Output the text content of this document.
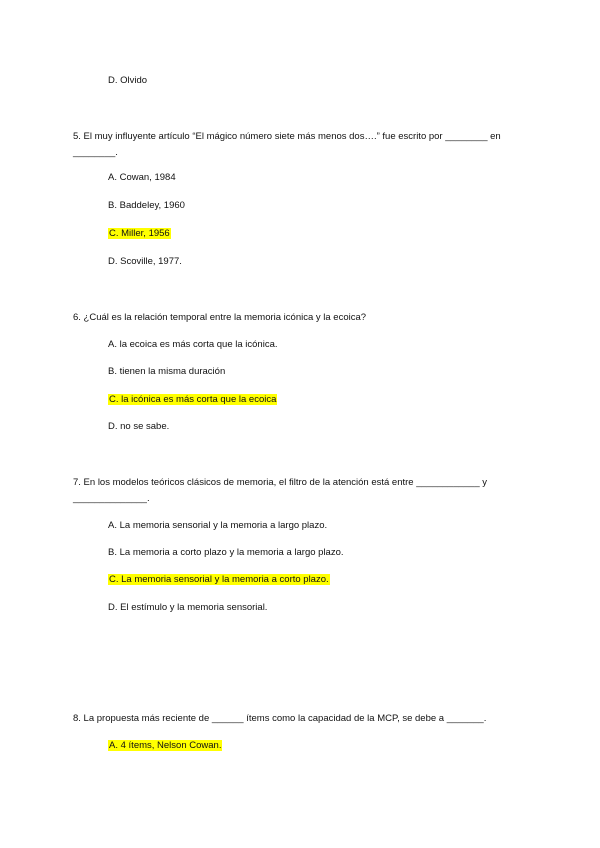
D. Olvido
5. El muy influyente artículo “El mágico número siete más menos dos….” fue escrito por ________ en
________.
A. Cowan, 1984
B. Baddeley, 1960
C. Miller, 1956
D. Scoville, 1977.
6. ¿Cuál es la relación temporal entre la memoria icónica y la ecoica?
A. la ecoica es más corta que la icónica.
B. tienen la misma duración
C. la icónica es más corta que la ecoica
D. no se sabe.
7. En los modelos teóricos clásicos de memoria, el filtro de la atención está entre ____________ y
______________.
A. La memoria sensorial y la memoria a largo plazo.
B. La memoria a corto plazo y la memoria a largo plazo.
C. La memoria sensorial y la memoria a corto plazo.
D. El estímulo y la memoria sensorial.
8. La propuesta más reciente de ______ ítems como la capacidad de la MCP, se debe a _______.
A. 4 ítems, Nelson Cowan.
